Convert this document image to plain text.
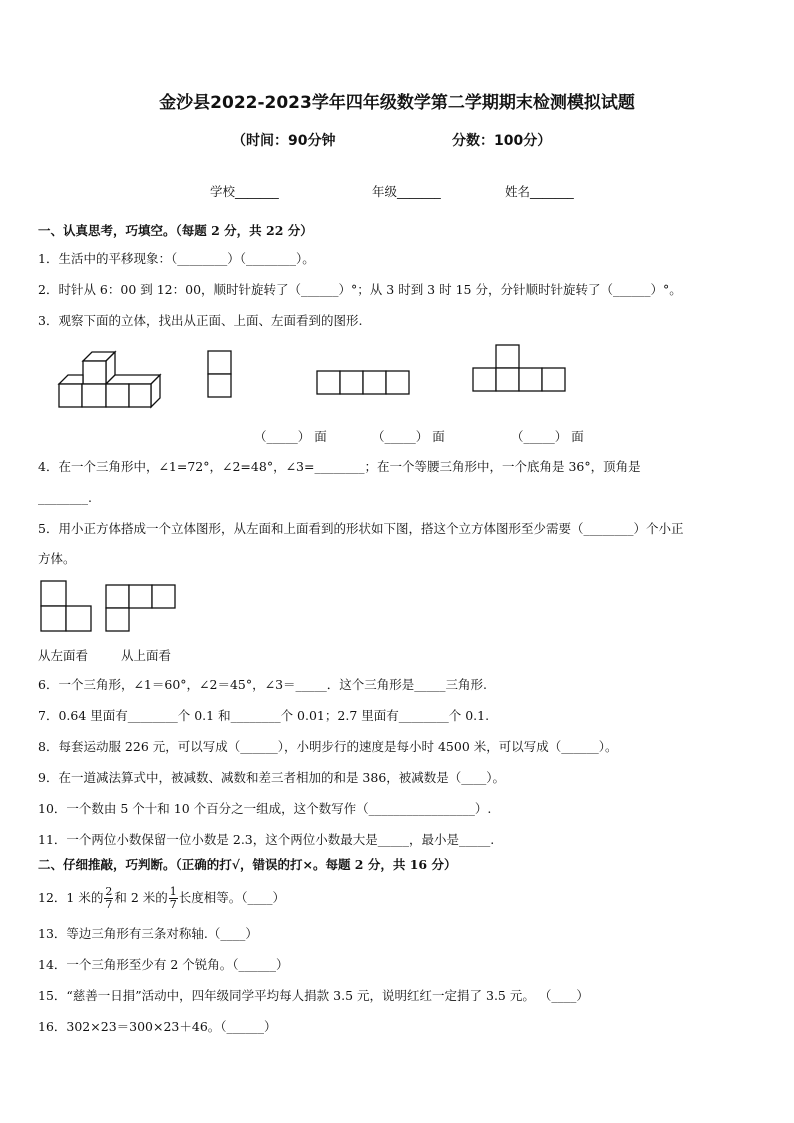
金沙县2022-2023学年四年级数学第二学期期末检测模拟试题
（时间：90分钟	分数：100分）
学校_______	年级_______	姓名_______
一、认真思考，巧填空。（每题 2 分，共 22 分）
1．生活中的平移现象：（________）（________）。
2．时针从 6：00 到 12：00，顺时针旋转了（______）°；从 3 时到 3 时 15 分，分针顺时针旋转了（______）°。
3．观察下面的立体，找出从正面、上面、左面看到的图形.
（_____） 面	（_____） 面	（_____） 面
4．在一个三角形中，∠1=72°，∠2=48°，∠3=________；在一个等腰三角形中，一个底角是 36°，顶角是
________.
5．用小正方体搭成一个立体图形，从左面和上面看到的形状如下图，搭这个立方体图形至少需要（________）个小正
方体。
从左面看	从上面看
6．一个三角形，∠1＝60°，∠2＝45°，∠3＝_____．这个三角形是_____三角形.
7．0.64 里面有________个 0.1 和________个 0.01；2.7 里面有________个 0.1.
8．每套运动服 226 元，可以写成（______），小明步行的速度是每小时 4500 米，可以写成（______）。
9．在一道减法算式中，被减数、减数和差三者相加的和是 386，被减数是（____）。
10．一个数由 5 个十和 10 个百分之一组成，这个数写作（_________________）.
11．一个两位小数保留一位小数是 2.3，这个两位小数最大是_____，最小是_____.
二、仔细推敲，巧判断。（正确的打√，错误的打×。每题 2 分，共 16 分）
12．1 米的 $\frac{2}{7}$ 和 2 米的 $\frac{1}{7}$ 长度相等。（____）
13．等边三角形有三条对称轴.（____）
14．一个三角形至少有 2 个锐角。（______）
15．“慈善一日捐”活动中，四年级同学平均每人捐款 3.5 元，说明红红一定捐了 3.5 元。 （____）
16．302×23＝300×23＋46。（______）
